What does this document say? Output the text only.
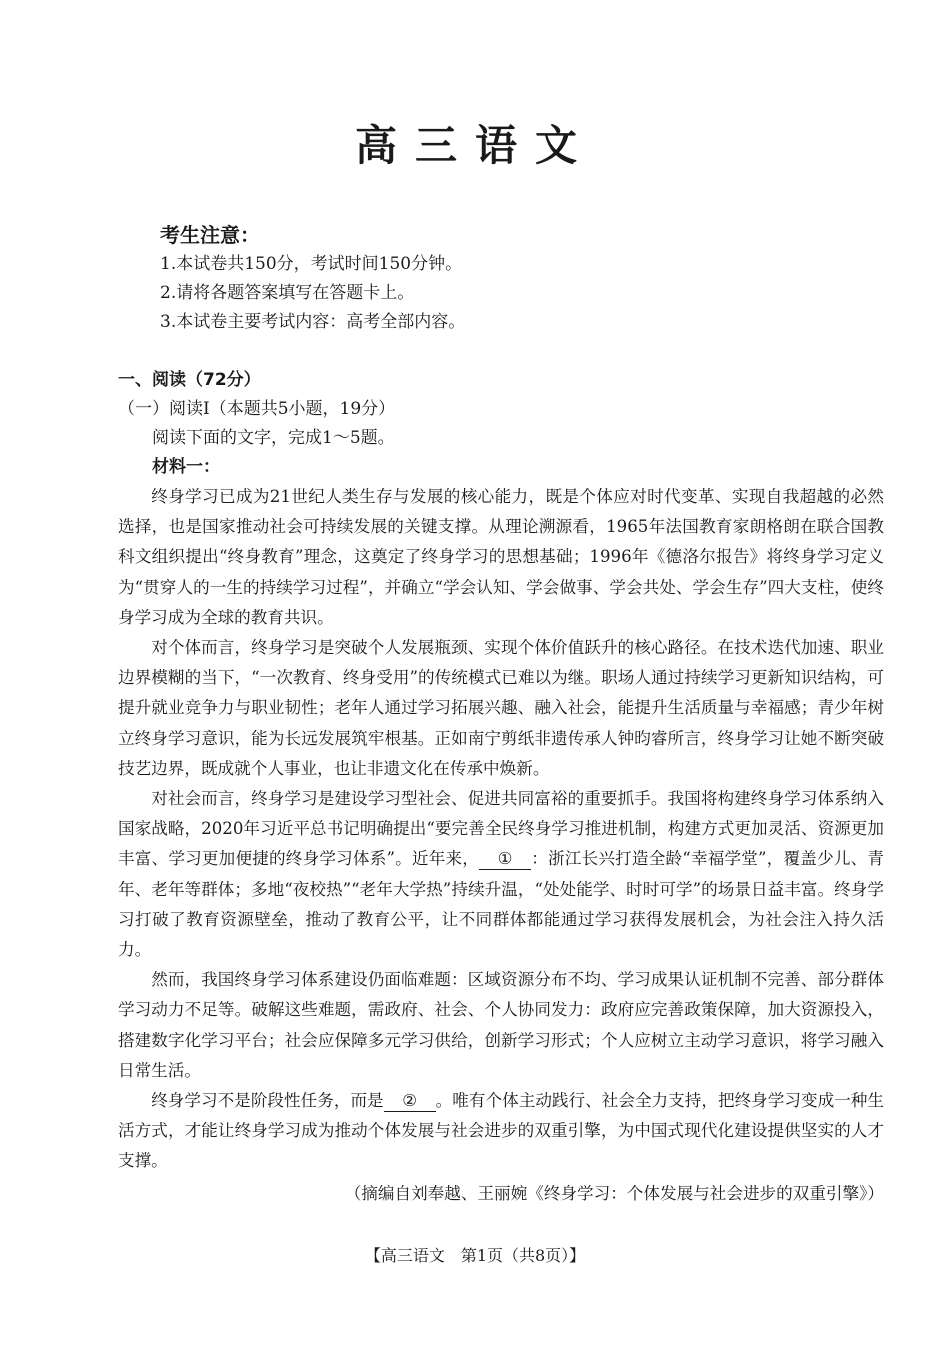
高三语文
考生注意：
1.本试卷共150分，考试时间150分钟。
2.请将各题答案填写在答题卡上。
3.本试卷主要考试内容：高考全部内容。
一、阅读（72分）
（一）阅读Ⅰ（本题共5小题，19分）
阅读下面的文字，完成1～5题。
材料一：

终身学习已成为21世纪人类生存与发展的核心能力，既是个体应对时代变革、实现自我超越的必然选择，也是国家推动社会可持续发展的关键支撑。从理论溯源看，1965年法国教育家朗格朗在联合国教科文组织提出“终身教育”理念，这奠定了终身学习的思想基础；1996年《德洛尔报告》将终身学习定义为“贯穿人的一生的持续学习过程”，并确立“学会认知、学会做事、学会共处、学会生存”四大支柱，使终身学习成为全球的教育共识。

对个体而言，终身学习是突破个人发展瓶颈、实现个体价值跃升的核心路径。在技术迭代加速、职业边界模糊的当下，“一次教育、终身受用”的传统模式已难以为继。职场人通过持续学习更新知识结构，可提升就业竞争力与职业韧性；老年人通过学习拓展兴趣、融入社会，能提升生活质量与幸福感；青少年树立终身学习意识，能为长远发展筑牢根基。正如南宁剪纸非遗传承人钟昀睿所言，终身学习让她不断突破技艺边界，既成就个人事业，也让非遗文化在传承中焕新。

对社会而言，终身学习是建设学习型社会、促进共同富裕的重要抓手。我国将构建终身学习体系纳入国家战略，2020年习近平总书记明确提出“要完善全民终身学习推进机制，构建方式更加灵活、资源更加丰富、学习更加便捷的终身学习体系”。近年来， ① ：浙江长兴打造全龄“幸福学堂”，覆盖少儿、青年、老年等群体；多地“夜校热”“老年大学热”持续升温，“处处能学、时时可学”的场景日益丰富。终身学习打破了教育资源壁垒，推动了教育公平，让不同群体都能通过学习获得发展机会，为社会注入持久活力。

然而，我国终身学习体系建设仍面临难题：区域资源分布不均、学习成果认证机制不完善、部分群体学习动力不足等。破解这些难题，需政府、社会、个人协同发力：政府应完善政策保障，加大资源投入，搭建数字化学习平台；社会应保障多元学习供给，创新学习形式；个人应树立主动学习意识，将学习融入日常生活。

终身学习不是阶段性任务，而是 ② 。唯有个体主动践行、社会全力支持，把终身学习变成一种生活方式，才能让终身学习成为推动个体发展与社会进步的双重引擎，为中国式现代化建设提供坚实的人才支撑。

（摘编自刘奉越、王丽婉《终身学习：个体发展与社会进步的双重引擎》）
【高三语文　第1页（共8页）】
